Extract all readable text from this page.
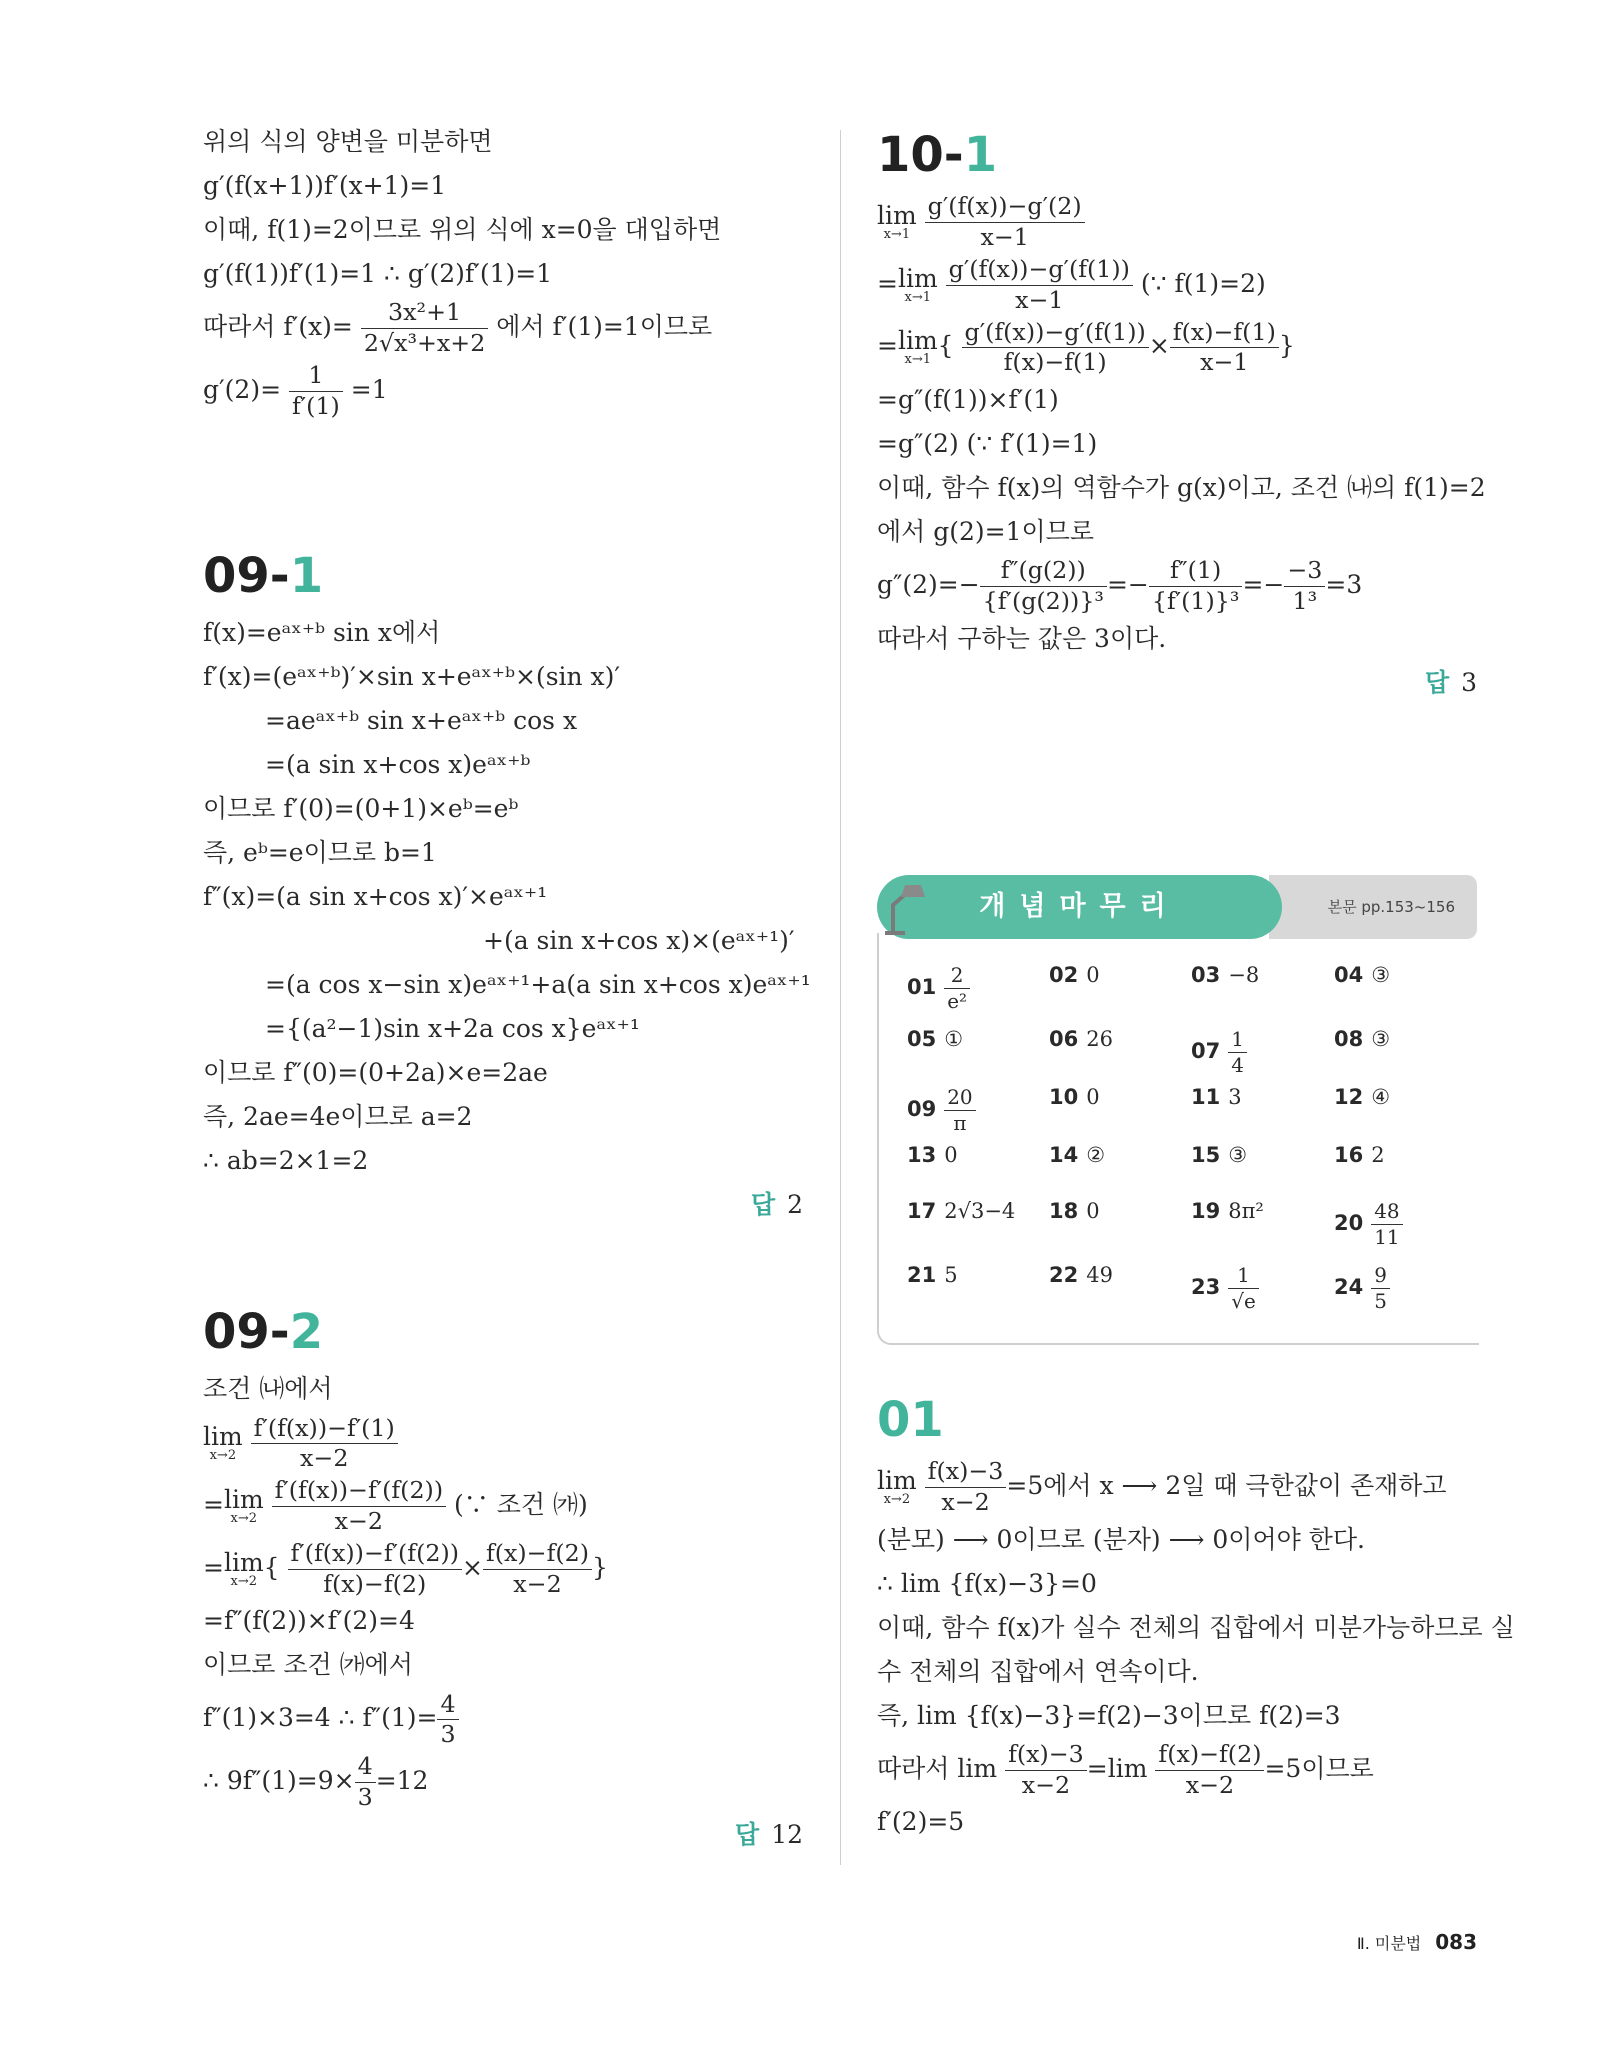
위의 식의 양변을 미분하면
g′(f(x+1))f′(x+1)=1
이때, f(1)=2이므로 위의 식에 x=0을 대입하면
g′(f(1))f′(1)=1 ∴ g′(2)f′(1)=1
따라서 $f'(x)= \frac{\text{3x²+1}}{\text{2√x³+x+2}}$ 에서 f′(1)=1이므로
$g'(2)= \frac{1}{f'(1)} =1$
09-1
f(x)=eᵃˣ⁺ᵇ sin x에서
f′(x)=(eᵃˣ⁺ᵇ)′×sin x+eᵃˣ⁺ᵇ×(sin x)′
=aeᵃˣ⁺ᵇ sin x+eᵃˣ⁺ᵇ cos x
=(a sin x+cos x)eᵃˣ⁺ᵇ
이므로 f′(0)=(0+1)×eᵇ=eᵇ
즉, eᵇ=e이므로 b=1
f″(x)=(a sin x+cos x)′×eᵃˣ⁺¹
+(a sin x+cos x)×(eᵃˣ⁺¹)′
=(a cos x−sin x)eᵃˣ⁺¹+a(a sin x+cos x)eᵃˣ⁺¹
={(a²−1)sin x+2a cos x}eᵃˣ⁺¹
이므로 f″(0)=(0+2a)×e=2ae
즉, 2ae=4e이므로 a=2
∴ ab=2×1=2
답 2
09-2
조건 ㈏에서
lim
x→2
$\frac{f'(f(x))-f'(1)}{x-2}$
=lim
x→2
$\frac{f'(f(x))-f'(f(2))}{x-2}$ (∵ 조건 ㈎)
=lim
x→2 { $\frac{f'(f(x))-f'(f(2))}{f(x)-f(2)} \times \frac{f(x)-f(2)}{x-2}$ }
=f″(f(2))×f′(2)=4
이므로 조건 ㈎에서
f″(1)×3=4 ∴ $f''(1)= \frac{4}{3}$
∴ $9f''(1)=9\times \frac{4}{3} =12$
답 12
10-1
lim
x→1
$\frac{g'(f(x))-g'(2)}{x-1}$
=lim
x→1
$\frac{g'(f(x))-g'(f(1))}{x-1}$ (∵ f(1)=2)
=lim
x→1 { $\frac{g'(f(x))-g'(f(1))}{f(x)-f(1)} \times \frac{f(x)-f(1)}{x-1}$ }
=g″(f(1))×f′(1)
=g″(2) (∵ f′(1)=1)
이때, 함수 f(x)의 역함수가 g(x)이고, 조건 ㈏의 f(1)=2
에서 g(2)=1이므로
$g''(2)=- \frac{f''(g(2))}{\text{\{f′(g(2))\}³}} =- \frac{f''(1)}{\text{\{f′(1)\}³}} =- \frac{-3}{\text{1³}} =3$
따라서 구하는 값은 3이다.
답 3
본문 pp.153~156
개념마무리
$01 \frac{2}{\text{e²}}$	02 0	03 −8	04 ③
05 ①	06 26	$07 \frac{1}{4}$	08 ③
$09 \frac{20}{\pi}$	10 0	11 3	12 ④
13 0	14 ②	15 ③	16 2
17 2√3−4 18 0	19 8π²	$20 \frac{48}{11}$
21 5	22 49	$23 \frac{1}{√e}$	$24 \frac{9}{5}$
01
lim
x→2
$\frac{f(x)-3}{x-2} =5$에서 x ⟶ 2일 때 극한값이 존재하고
(분모) ⟶ 0이므로 (분자) ⟶ 0이어야 한다.
∴ lim {f(x)−3}=0
이때, 함수 f(x)가 실수 전체의 집합에서 미분가능하므로 실
수 전체의 집합에서 연속이다.
즉, lim {f(x)−3}=f(2)−3이므로 f(2)=3
따라서 $\lim \frac{f(x)-3}{x-2} =\lim \frac{f(x)-f(2)}{x-2} =5$이므로
f′(2)=5
Ⅱ. 미분법 083
